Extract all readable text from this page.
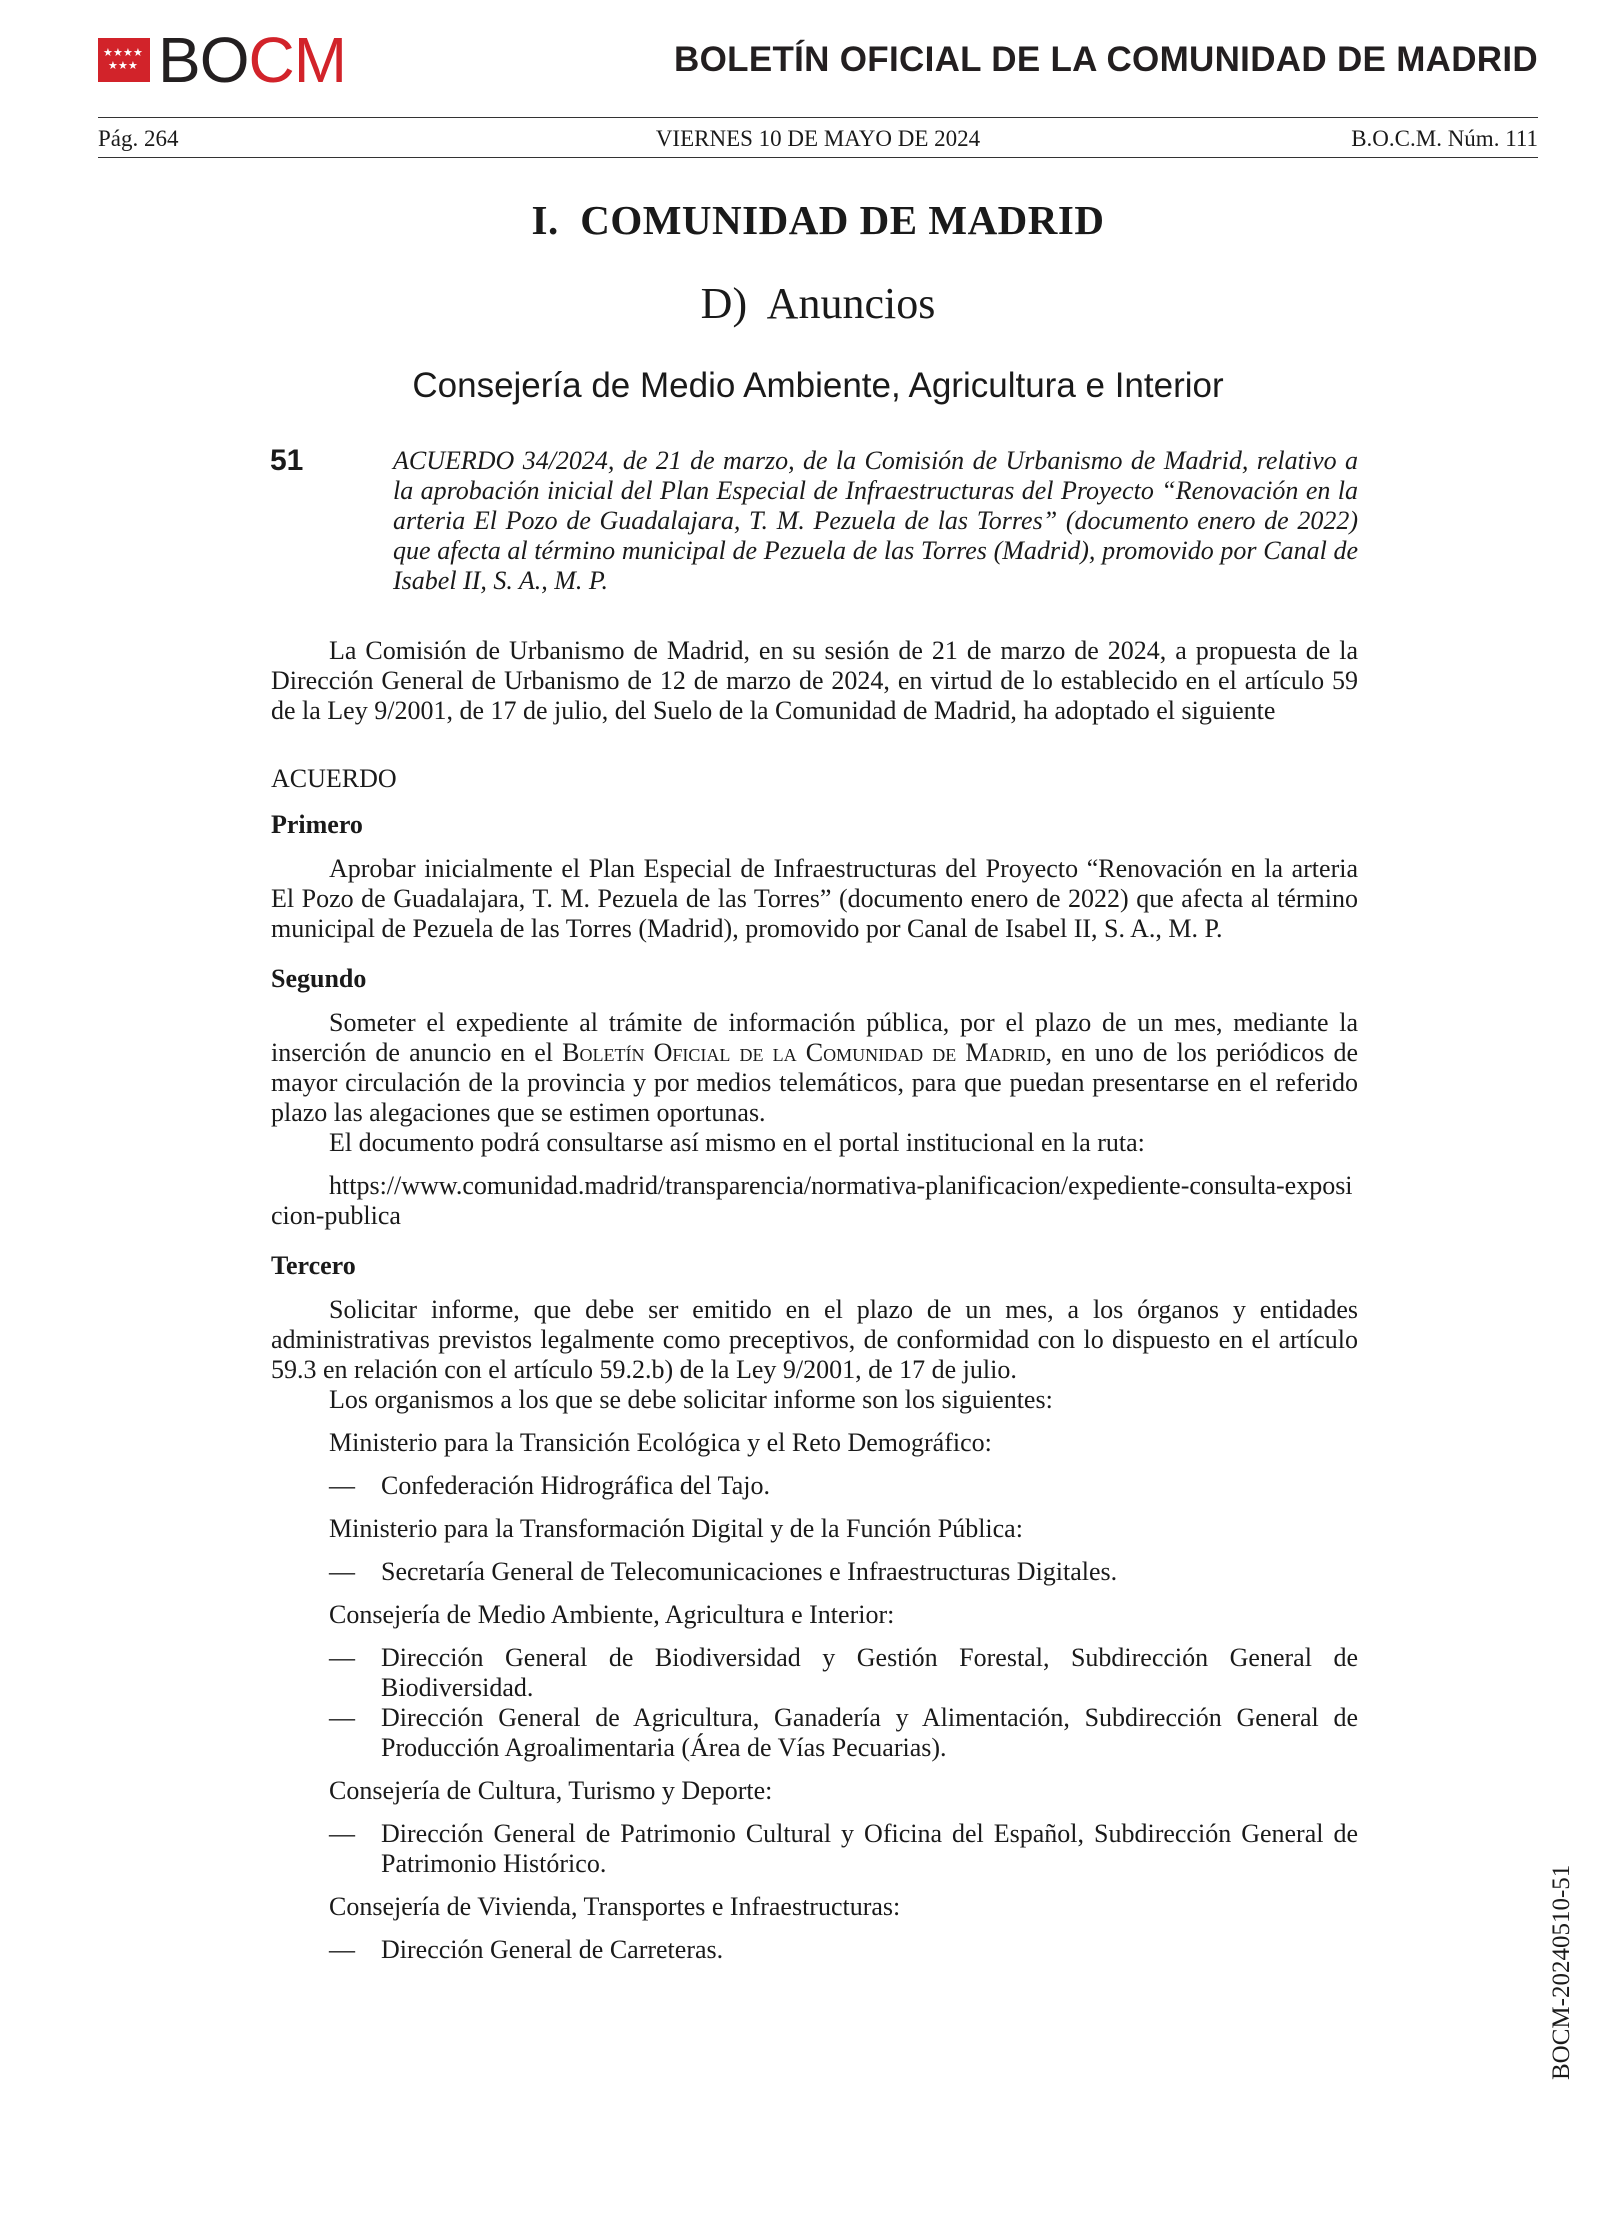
★ ★ ★ ★
★ ★ ★ BOCM	BOLETÍN OFICIAL DE LA COMUNIDAD DE MADRID
Pág. 264	VIERNES 10 DE MAYO DE 2024	B.O.C.M. Núm. 111
I.  COMUNIDAD DE MADRID
D)  Anuncios
Consejería de Medio Ambiente, Agricultura e Interior
51	ACUERDO 34/2024, de 21 de marzo, de la Comisión de Urbanismo de Madrid, relativo a la aprobación inicial del Plan Especial de Infraestructuras del Proyecto “Renovación en la arteria El Pozo de Guadalajara, T. M. Pezuela de las Torres” (documento enero de 2022) que afecta al término municipal de Pezuela de las Torres (Madrid), promovido por Canal de Isabel II, S. A., M. P.

La Comisión de Urbanismo de Madrid, en su sesión de 21 de marzo de 2024, a propuesta de la Dirección General de Urbanismo de 12 de marzo de 2024, en virtud de lo establecido en el artículo 59 de la Ley 9/2001, de 17 de julio, del Suelo de la Comunidad de Madrid, ha adoptado el siguiente

ACUERDO

Primero

Aprobar inicialmente el Plan Especial de Infraestructuras del Proyecto “Renovación en la arteria El Pozo de Guadalajara, T. M. Pezuela de las Torres” (documento enero de 2022) que afecta al término municipal de Pezuela de las Torres (Madrid), promovido por Canal de Isabel II, S. A., M. P.

Segundo

Someter el expediente al trámite de información pública, por el plazo de un mes, mediante la inserción de anuncio en el Boletín Oficial de la Comunidad de Madrid, en uno de los periódicos de mayor circulación de la provincia y por medios telemáticos, para que puedan presentarse en el referido plazo las alegaciones que se estimen oportunas.

El documento podrá consultarse así mismo en el portal institucional en la ruta:

https://www.comunidad.madrid/transparencia/normativa-planificacion/expediente-consulta-exposicion-publica

Tercero

Solicitar informe, que debe ser emitido en el plazo de un mes, a los órganos y entidades administrativas previstos legalmente como preceptivos, de conformidad con lo dispuesto en el artículo 59.3 en relación con el artículo 59.2.b) de la Ley 9/2001, de 17 de julio.

Los organismos a los que se debe solicitar informe son los siguientes:

Ministerio para la Transición Ecológica y el Reto Demográfico:

—	Confederación Hidrográfica del Tajo.

Ministerio para la Transformación Digital y de la Función Pública:

—	Secretaría General de Telecomunicaciones e Infraestructuras Digitales.

Consejería de Medio Ambiente, Agricultura e Interior:

—	Dirección General de Biodiversidad y Gestión Forestal, Subdirección General de Biodiversidad.
—	Dirección General de Agricultura, Ganadería y Alimentación, Subdirección General de Producción Agroalimentaria (Área de Vías Pecuarias).

Consejería de Cultura, Turismo y Deporte:

—	Dirección General de Patrimonio Cultural y Oficina del Español, Subdirección General de Patrimonio Histórico.

Consejería de Vivienda, Transportes e Infraestructuras:

—	Dirección General de Carreteras.	BOCM-20240510-51
